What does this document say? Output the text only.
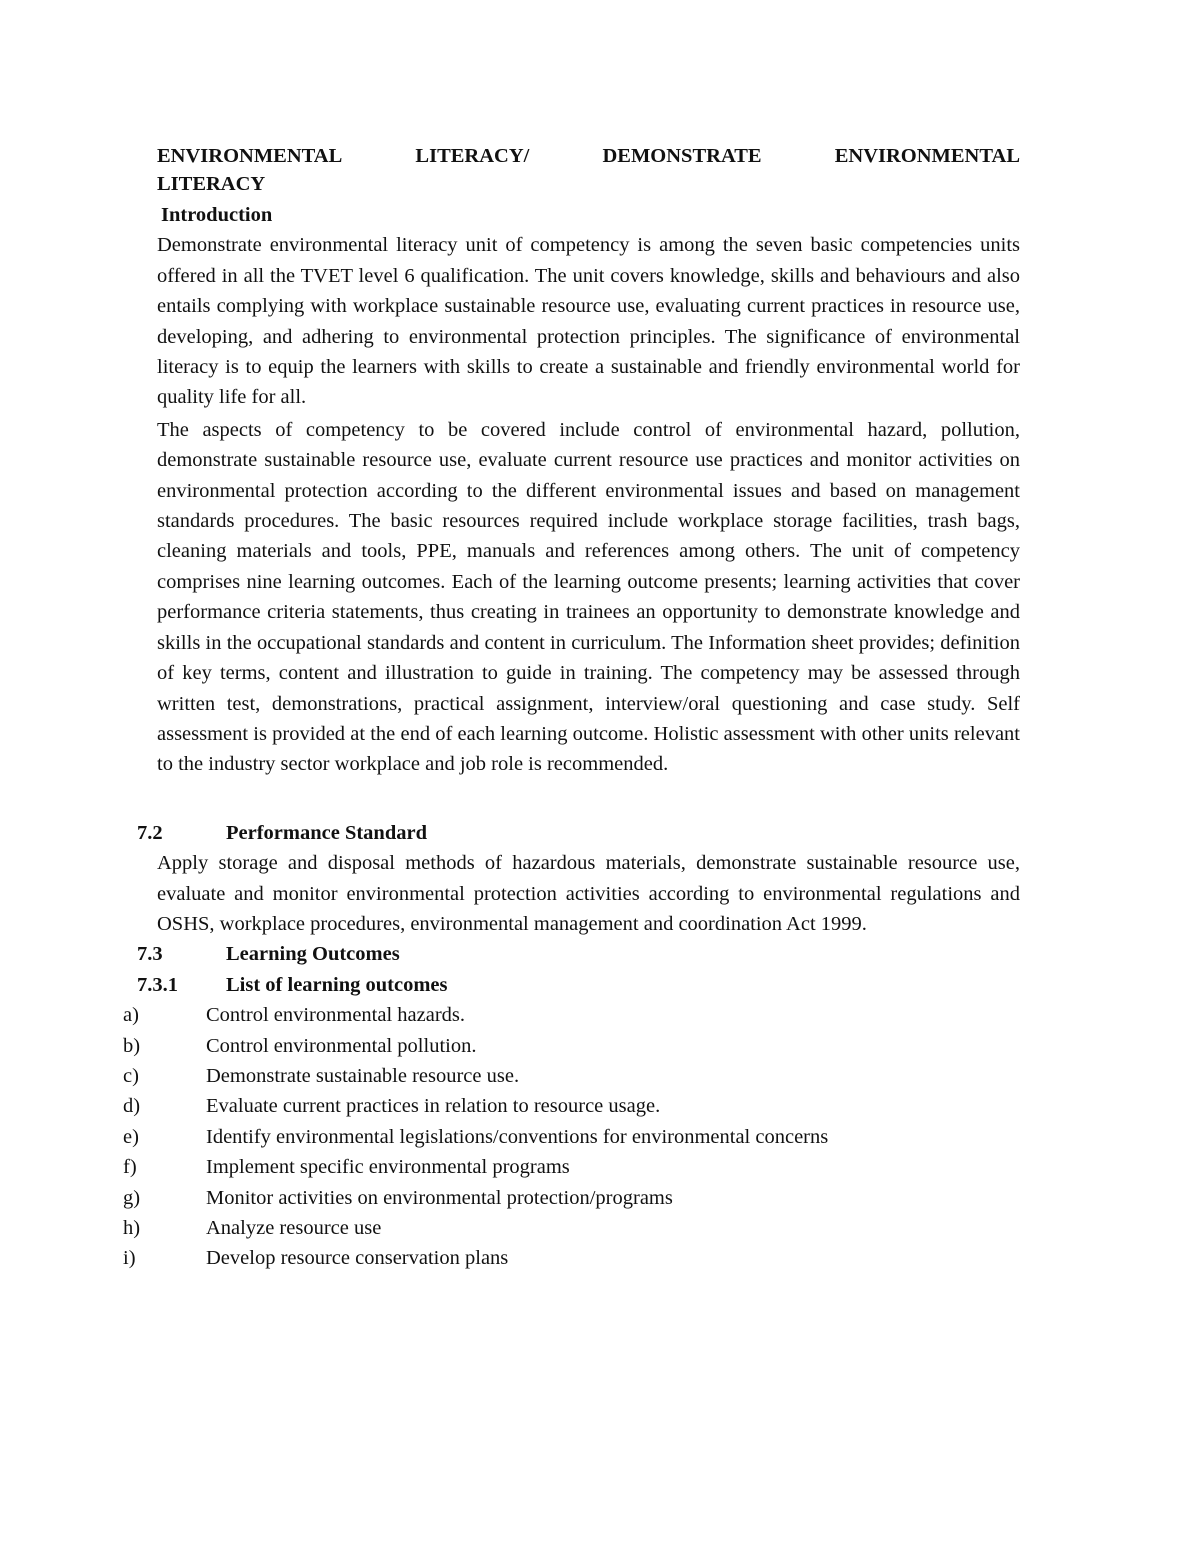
ENVIRONMENTAL	LITERACY/	DEMONSTRATE	ENVIRONMENTAL
LITERACY
Introduction

Demonstrate environmental literacy unit of competency is among the seven basic competencies units offered in all the TVET level 6 qualification. The unit covers knowledge, skills and behaviours and also entails complying with workplace sustainable resource use, evaluating current practices in resource use, developing, and adhering to environmental protection principles. The significance of environmental literacy is to equip the learners with skills to create a sustainable and friendly environmental world for quality life for all.

The aspects of competency to be covered include control of environmental hazard, pollution, demonstrate sustainable resource use, evaluate current resource use practices and monitor activities on environmental protection according to the different environmental issues and based on management standards procedures. The basic resources required include workplace storage facilities, trash bags, cleaning materials and tools, PPE, manuals and references among others. The unit of competency comprises nine learning outcomes. Each of the learning outcome presents; learning activities that cover performance criteria statements, thus creating in trainees an opportunity to demonstrate knowledge and skills in the occupational standards and content in curriculum. The Information sheet provides; definition of key terms, content and illustration to guide in training. The competency may be assessed through written test, demonstrations, practical assignment, interview/oral questioning and case study. Self assessment is provided at the end of each learning outcome. Holistic assessment with other units relevant to the industry sector workplace and job role is recommended.

7.2	Performance Standard
Apply storage and disposal methods of hazardous materials, demonstrate sustainable resource use, evaluate and monitor environmental protection activities according to environmental regulations and OSHS, workplace procedures, environmental management and coordination Act 1999.
7.3	Learning Outcomes
7.3.1	List of learning outcomes
a)	Control environmental hazards.
b)	Control environmental pollution.
c)	Demonstrate sustainable resource use.
d)	Evaluate current practices in relation to resource usage.
e)	Identify environmental legislations/conventions for environmental concerns
f)	Implement specific environmental programs
g)	Monitor activities on environmental protection/programs
h)	Analyze resource use
i)	Develop resource conservation plans
